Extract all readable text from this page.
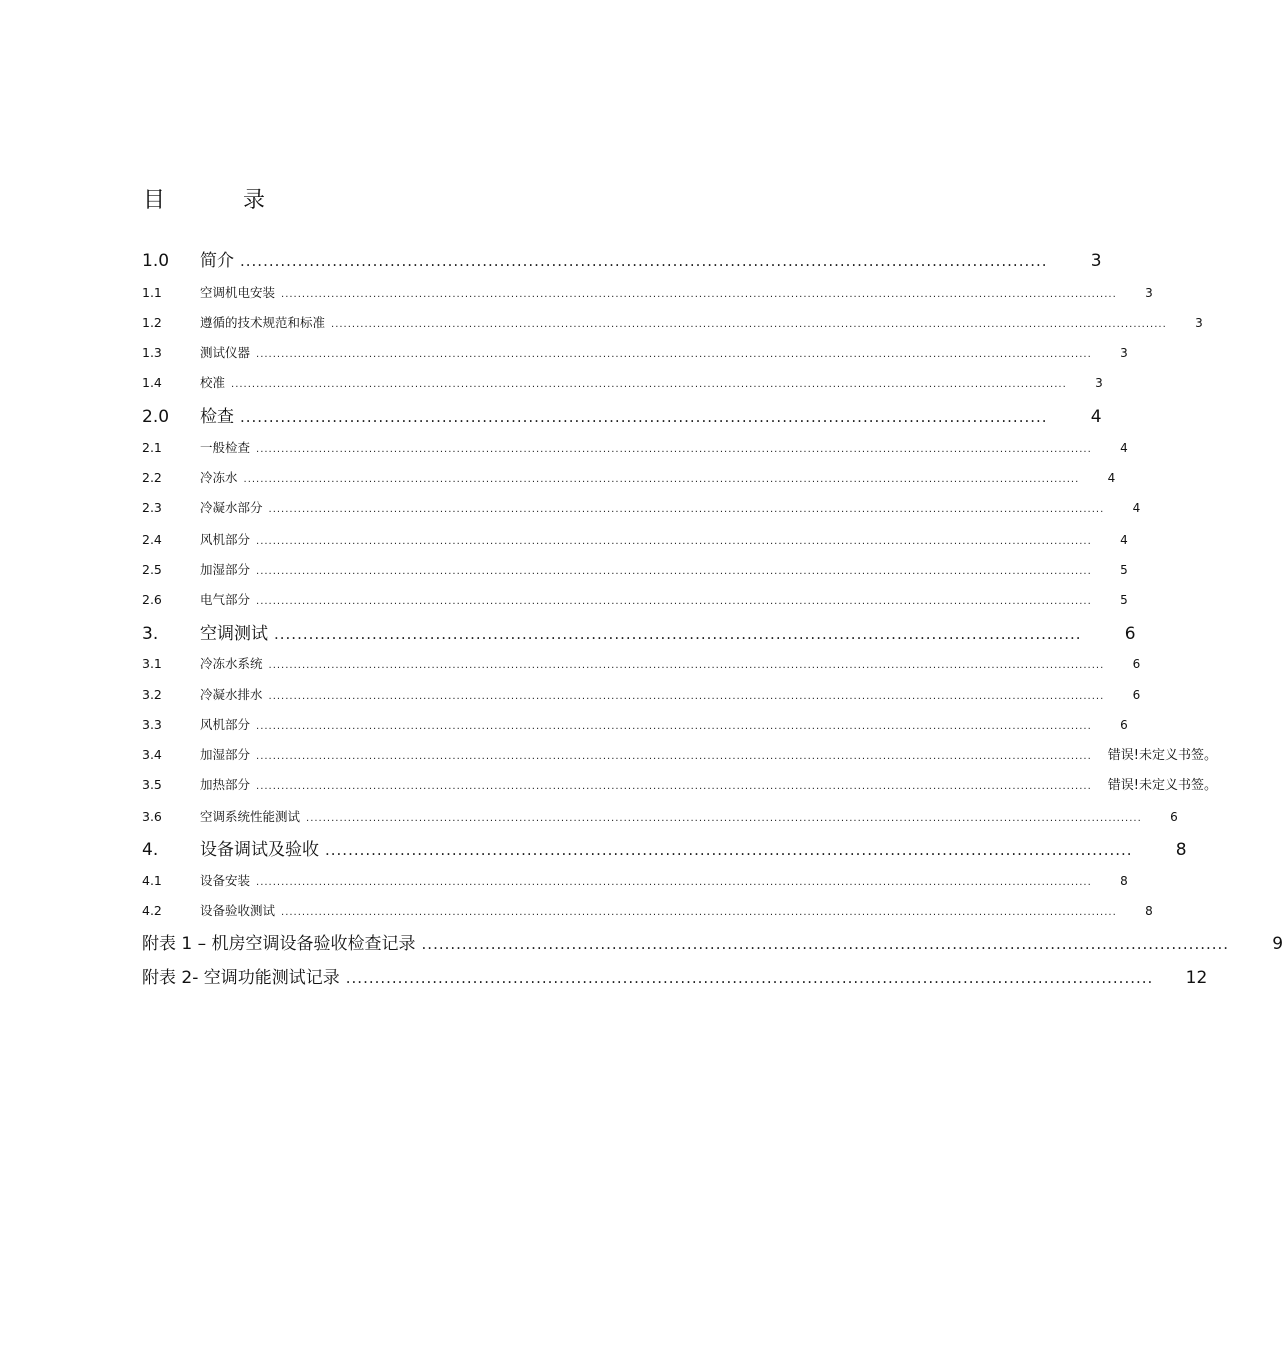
目　录
1.0	简介 ............................................................................................................................................	3
1.1	空调机电安装 ........................................................................................................................................................................................................	3
1.2	遵循的技术规范和标准 ........................................................................................................................................................................................................	3
1.3	测试仪器 ........................................................................................................................................................................................................	3
1.4	校准 ........................................................................................................................................................................................................	3
2.0	检查 ............................................................................................................................................	4
2.1	一般检查 ........................................................................................................................................................................................................	4
2.2	冷冻水 ........................................................................................................................................................................................................	4
2.3	冷凝水部分 ........................................................................................................................................................................................................	4
2.4	风机部分 ........................................................................................................................................................................................................	4
2.5	加湿部分 ........................................................................................................................................................................................................	5
2.6	电气部分 ........................................................................................................................................................................................................	5
3.	空调测试 ............................................................................................................................................	6
3.1	冷冻水系统 ........................................................................................................................................................................................................	6
3.2	冷凝水排水 ........................................................................................................................................................................................................	6
3.3	风机部分 ........................................................................................................................................................................................................	6
3.4	加湿部分 ........................................................................................................................................................................................................ 错误!未定义书签。
3.5	加热部分 ........................................................................................................................................................................................................ 错误!未定义书签。
3.6	空调系统性能测试 ........................................................................................................................................................................................................	6
4.	设备调试及验收 ............................................................................................................................................	8
4.1	设备安装 ........................................................................................................................................................................................................	8
4.2	设备验收测试 ........................................................................................................................................................................................................	8
附表 1 – 机房空调设备验收检查记录 ............................................................................................................................................	9
附表 2- 空调功能测试记录 ............................................................................................................................................	12
